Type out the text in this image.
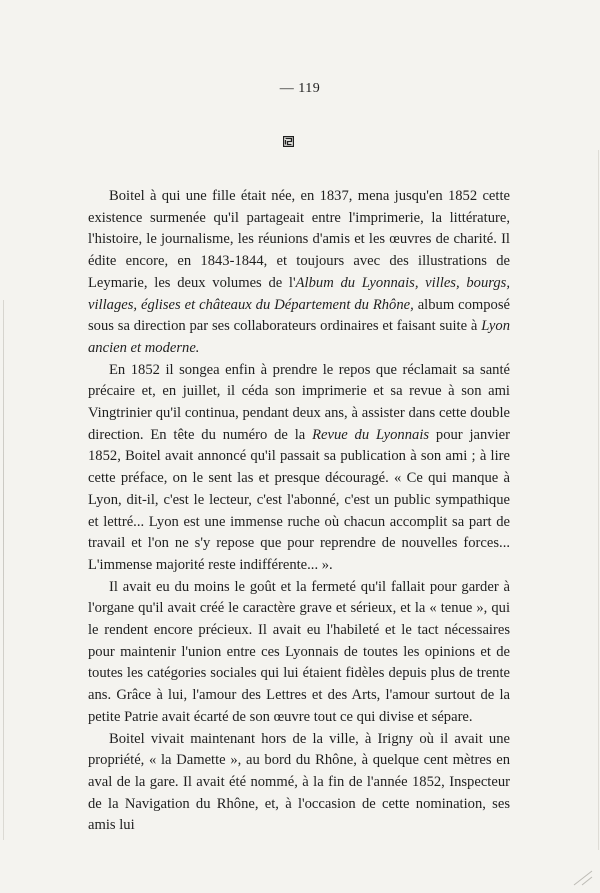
— 119

Boitel à qui une fille était née, en 1837, mena jusqu'en 1852 cette existence surmenée qu'il partageait entre l'imprimerie, la littérature, l'histoire, le journalisme, les réunions d'amis et les œuvres de charité. Il édite encore, en 1843-1844, et toujours avec des illustrations de Leymarie, les deux volumes de l'Album du Lyonnais, villes, bourgs, villages, églises et châteaux du Département du Rhône, album composé sous sa direction par ses collaborateurs ordinaires et faisant suite à Lyon ancien et moderne.

En 1852 il songea enfin à prendre le repos que réclamait sa santé précaire et, en juillet, il céda son imprimerie et sa revue à son ami Vingtrinier qu'il continua, pendant deux ans, à assister dans cette double direction. En tête du numéro de la Revue du Lyonnais pour janvier 1852, Boitel avait annoncé qu'il passait sa publication à son ami ; à lire cette préface, on le sent las et presque découragé. « Ce qui manque à Lyon, dit-il, c'est le lecteur, c'est l'abonné, c'est un public sympathique et lettré... Lyon est une immense ruche où chacun accomplit sa part de travail et l'on ne s'y repose que pour reprendre de nouvelles forces... L'immense majorité reste indifférente... ».

Il avait eu du moins le goût et la fermeté qu'il fallait pour garder à l'organe qu'il avait créé le caractère grave et sérieux, et la « tenue », qui le rendent encore précieux. Il avait eu l'habileté et le tact nécessaires pour maintenir l'union entre ces Lyonnais de toutes les opinions et de toutes les catégories sociales qui lui étaient fidèles depuis plus de trente ans. Grâce à lui, l'amour des Lettres et des Arts, l'amour surtout de la petite Patrie avait écarté de son œuvre tout ce qui divise et sépare.

Boitel vivait maintenant hors de la ville, à Irigny où il avait une propriété, « la Damette », au bord du Rhône, à quelque cent mètres en aval de la gare. Il avait été nommé, à la fin de l'année 1852, Inspecteur de la Navigation du Rhône, et, à l'occasion de cette nomination, ses amis lui
